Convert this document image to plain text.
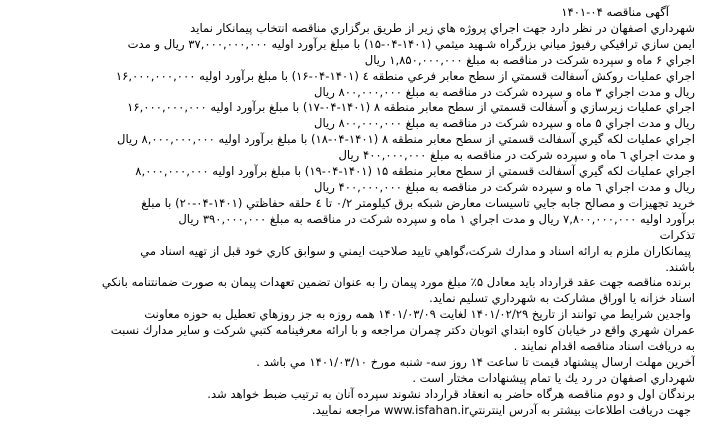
آگهی مناقصه ۰۴-۱۴۰۱
شهرداري اصفهان در نظر دارد جهت اجراي پروژه هاي زير از طريق برگزاري مناقصه انتخاب پيمانكار نمايد
ايمن سازي ترافيكي رفيوژ مياني بزرگراه شـهيد ميثمي (۱۴۰۱-۰۴-۱۵) با مبلغ برآورد اوليه ۳۷,۰۰۰,۰۰۰,۰۰۰ ريال و مدت
اجراي ۶ ماه و سپرده شركت در مناقصه به مبلغ ۱,۸۵۰,۰۰۰,۰۰۰ ريال
اجراي عمليات روكش آسفالت قسمتي از سطح معابر فرعي منطقه ٤ (۱۴۰۱-۰۴-۱۶) با مبلغ برآورد اوليه ۱۶,۰۰۰,۰۰۰,۰۰۰
ريال و مدت اجراي ۳ ماه و سپرده شركت در مناقصه به مبلغ ۸۰۰,۰۰۰,۰۰۰ ريال
اجراي عمليات زيرسازي و آسفالت قسمتي از سطح معابر منطقه ۸ (۱۴۰۱-۰۴-۱۷) با مبلغ برآورد اوليه ۱۶,۰۰۰,۰۰۰,۰۰۰
ريال و مدت اجراي ۵ ماه و سپرده شركت در مناقصه به مبلغ ۸۰۰,۰۰۰,۰۰۰ ريال
اجراي عمليات لكه گيري آسفالت قسمتي از سطح معابر منطقه ۸ (۱۴۰۱-۰۴-۱۸) با مبلغ برآورد اوليه ۸,۰۰۰,۰۰۰,۰۰۰ ريال
و مدت اجراي ٦ ماه و سپرده شركت در مناقصه به مبلغ ۴۰۰,۰۰۰,۰۰۰ ريال
اجراي عمليات لكه گيري آسفالت قسمتي از سطح معابر منطقه ۱۵ (۱۴۰۱-۰۴-۱۹) با مبلغ برآورد اوليه ۸,۰۰۰,۰۰۰,۰۰۰
ريال و مدت اجراي ٦ ماه و سپرده شركت در مناقصه به مبلغ ۴۰۰,۰۰۰,۰۰۰ ريال
خريد تجهيزات و مصالح جابه جايي تاسيسات معارض شبكه برق كيلومتر ۰/۲ تا ٤ حلقه حفاظتي (۱۴۰۱-۰۴-۲۰) با مبلغ
برآورد اوليه ۷,۸۰۰,۰۰۰,۰۰۰ ريال و مدت اجراي ۱ ماه و سپرده شركت در مناقصه به مبلغ ۳۹۰,۰۰۰,۰۰۰ ريال
تذكرات
پيمانكاران ملزم به ارائه اسناد و مدارك شركت،گواهي تاييد صلاحيت ايمني و سوابق كاري خود قبل از تهيه اسناد مي
باشند.
برنده مناقصه جهت عقد قرارداد بايد معادل ۵٪ مبلغ مورد پيمان را به عنوان تضمين تعهدات پيمان به صورت ضمانتنامه بانكي
اسناد خزانه يا اوراق مشاركت به شهرداري تسليم نمايد.
واجدين شرايط مي توانند از تاريخ ۱۴۰۱/۰۲/۲۹ لغايت ۱۴۰۱/۰۳/۰۹ همه روزه به جز روزهاي تعطيل به حوزه معاونت
عمران شهري واقع در خيابان كاوه ابتداي اتوبان دكتر چمران مراجعه و با ارائه معرفينامه كتبي شركت و ساير مدارك نسبت
به دريافت اسناد مناقصه اقدام نمايند .
آخرين مهلت ارسال پيشنهاد قيمت تا ساعت ۱۴ روز سه- شنبه مورخ ۱۴۰۱/۰۳/۱۰ مي باشد .
شهرداري اصفهان در رد يك يا تمام پيشنهادات مختار است .
برندگان اول و دوم مناقصه هرگاه حاضر به انعقاد قرارداد نشوند سپرده آنان به ترتيب ضبط خواهد شد.
جهت دريافت اطلاعات بيشتر به آدرس اينترنتيwww.isfahan.ir مراجعه نماييد.
